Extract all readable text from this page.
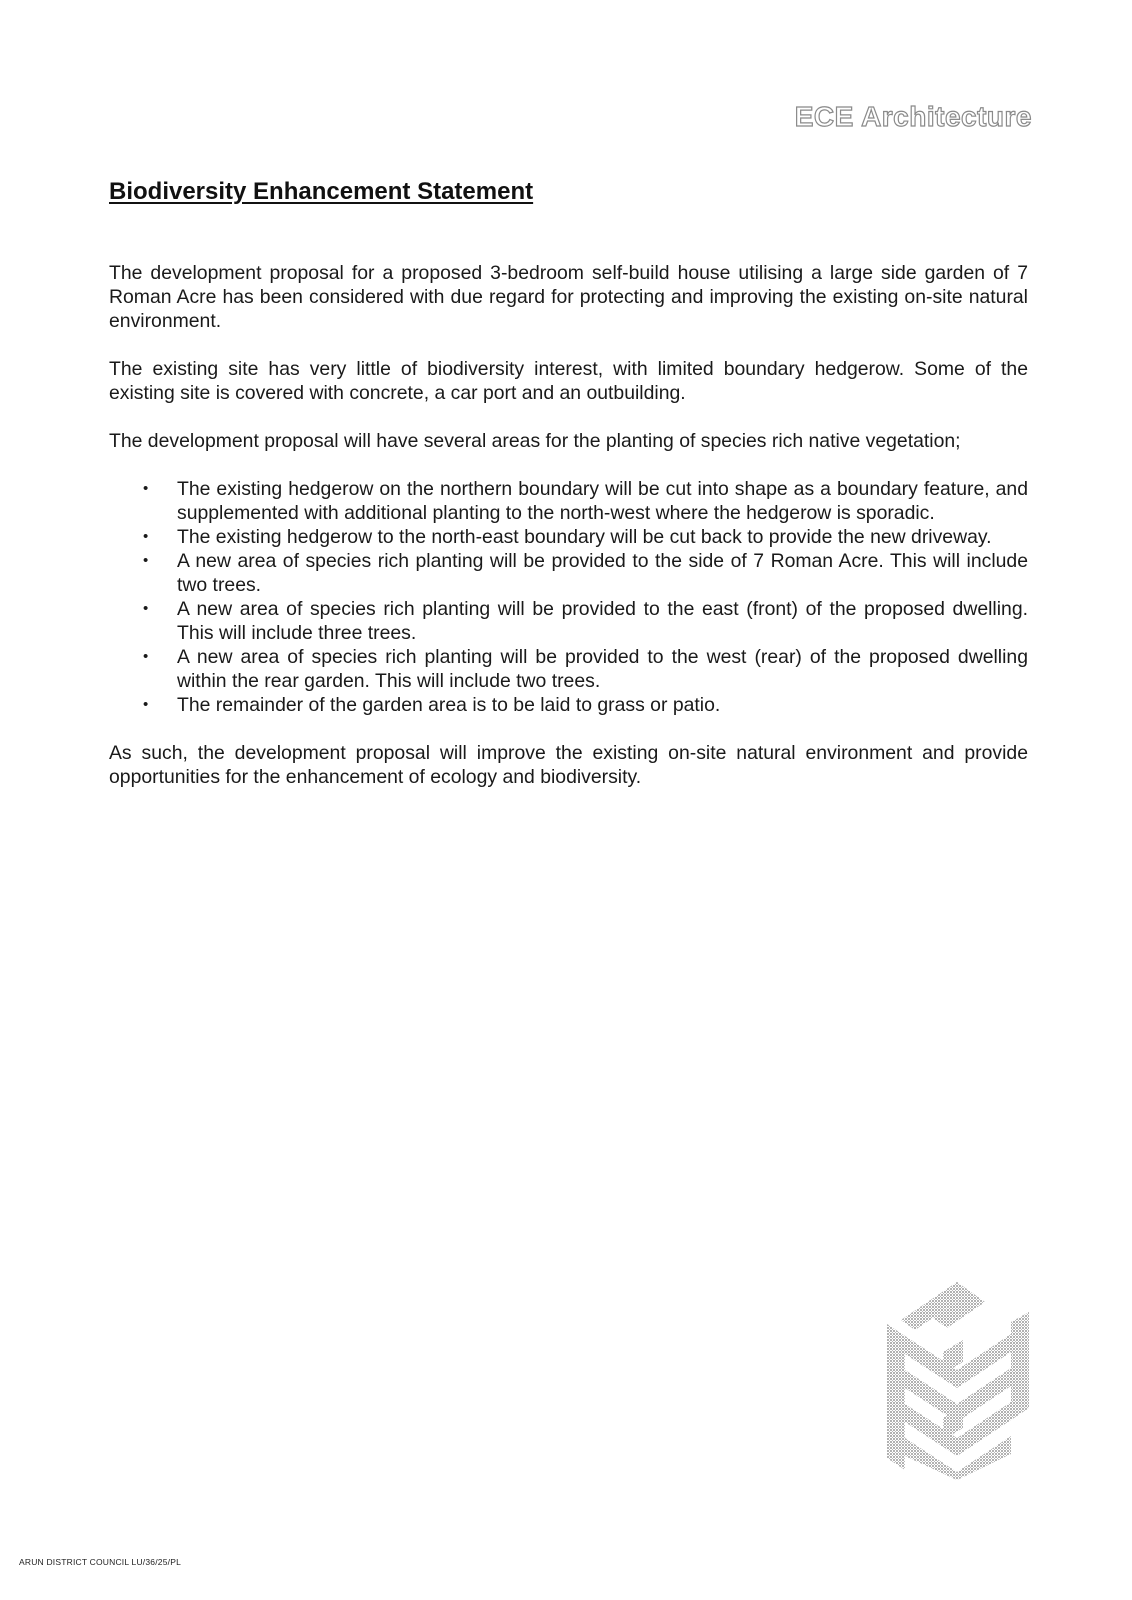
ECE Architecture
Biodiversity Enhancement Statement

The development proposal for a proposed 3-bedroom self-build house utilising a large side garden of 7 Roman Acre has been considered with due regard for protecting and improving the existing on-site natural environment.

The existing site has very little of biodiversity interest, with limited boundary hedgerow. Some of the existing site is covered with concrete, a car port and an outbuilding.

The development proposal will have several areas for the planting of species rich native vegetation;

• The existing hedgerow on the northern boundary will be cut into shape as a boundary feature, and supplemented with additional planting to the north-west where the hedgerow is sporadic.
• The existing hedgerow to the north-east boundary will be cut back to provide the new driveway.
• A new area of species rich planting will be provided to the side of 7 Roman Acre. This will include two trees.
• A new area of species rich planting will be provided to the east (front) of the proposed dwelling. This will include three trees.
• A new area of species rich planting will be provided to the west (rear) of the proposed dwelling within the rear garden. This will include two trees.
• The remainder of the garden area is to be laid to grass or patio.

As such, the development proposal will improve the existing on-site natural environment and provide opportunities for the enhancement of ecology and biodiversity.

ARUN DISTRICT COUNCIL LU/36/25/PL
